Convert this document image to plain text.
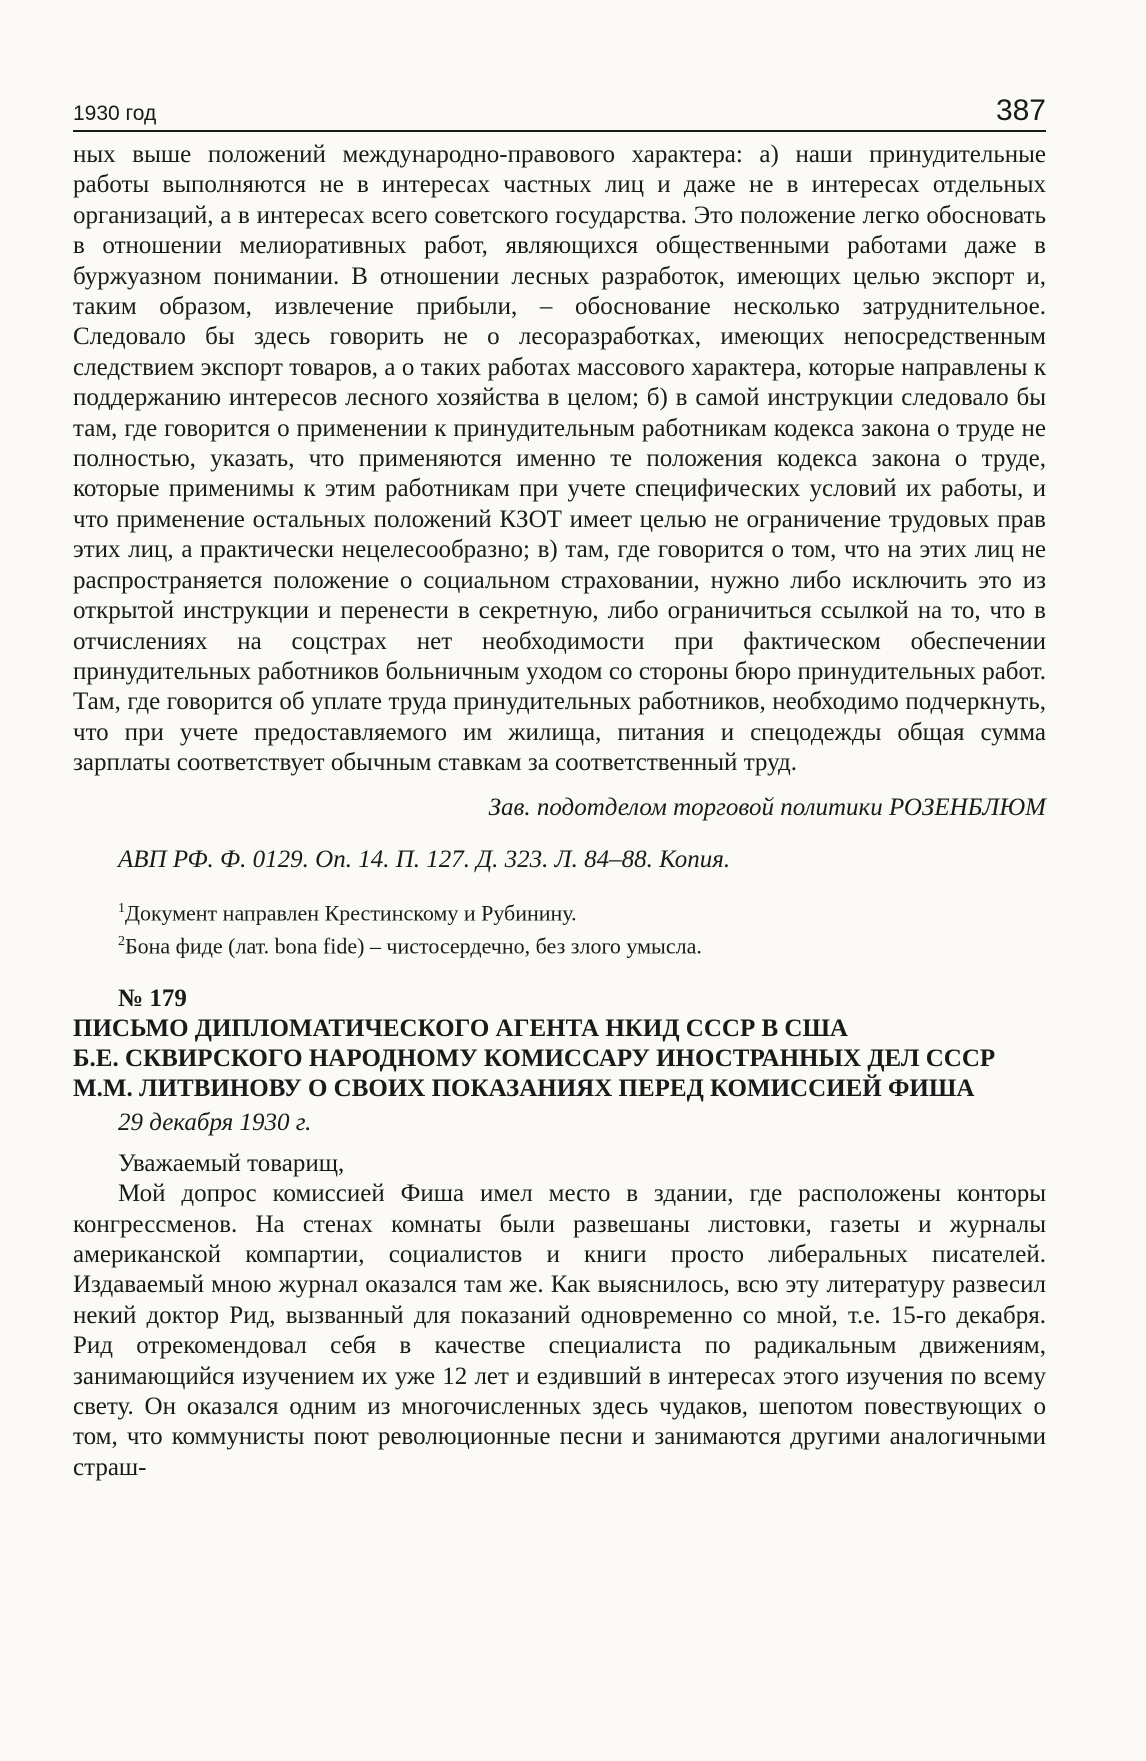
1930 год	387

ных выше положений международно-правового характера: а) наши принудительные работы выполняются не в интересах частных лиц и даже не в интересах отдельных организаций, а в интересах всего советского государства. Это положение легко обосновать в отношении мелиоративных работ, являющихся общественными работами даже в буржуазном понимании. В отношении лесных разработок, имеющих целью экспорт и, таким образом, извлечение прибыли, – обоснование несколько затруднительное. Следовало бы здесь говорить не о лесоразработках, имеющих непосредственным следствием экспорт товаров, а о таких работах массового характера, которые направлены к поддержанию интересов лесного хозяйства в целом; б) в самой инструкции следовало бы там, где говорится о применении к принудительным работникам кодекса закона о труде не полностью, указать, что применяются именно те положения кодекса закона о труде, которые применимы к этим работникам при учете специфических условий их работы, и что применение остальных положений КЗОТ имеет целью не ограничение трудовых прав этих лиц, а практически нецелесообразно; в) там, где говорится о том, что на этих лиц не распространяется положение о социальном страховании, нужно либо исключить это из открытой инструкции и перенести в секретную, либо ограничиться ссылкой на то, что в отчислениях на соцстрах нет необходимости при фактическом обеспечении принудительных работников больничным уходом со стороны бюро принудительных работ. Там, где говорится об уплате труда принудительных работников, необходимо подчеркнуть, что при учете предоставляемого им жилища, питания и спецодежды общая сумма зарплаты соответствует обычным ставкам за соответственный труд.

Зав. подотделом торговой политики РОЗЕНБЛЮМ

АВП РФ. Ф. 0129. Оп. 14. П. 127. Д. 323. Л. 84–88. Копия.

$^1$Документ направлен Крестинскому и Рубинину.
$^2$Бона фиде (лат. bona fide) – чистосердечно, без злого умысла.

№ 179

ПИСЬМО ДИПЛОМАТИЧЕСКОГО АГЕНТА НКИД СССР В США
Б.Е. СКВИРСКОГО НАРОДНОМУ КОМИССАРУ ИНОСТРАННЫХ ДЕЛ СССР
М.М. ЛИТВИНОВУ О СВОИХ ПОКАЗАНИЯХ ПЕРЕД КОМИССИЕЙ ФИША

29 декабря 1930 г.

Уважаемый товарищ,

Мой допрос комиссией Фиша имел место в здании, где расположены конторы конгрессменов. На стенах комнаты были развешаны листовки, газеты и журналы американской компартии, социалистов и книги просто либеральных писателей. Издаваемый мною журнал оказался там же. Как выяснилось, всю эту литературу развесил некий доктор Рид, вызванный для показаний одновременно со мной, т.е. 15-го декабря. Рид отрекомендовал себя в качестве специалиста по радикальным движениям, занимающийся изучением их уже 12 лет и ездивший в интересах этого изучения по всему свету. Он оказался одним из многочисленных здесь чудаков, шепотом повествующих о том, что коммунисты поют революционные песни и занимаются другими аналогичными страш-
